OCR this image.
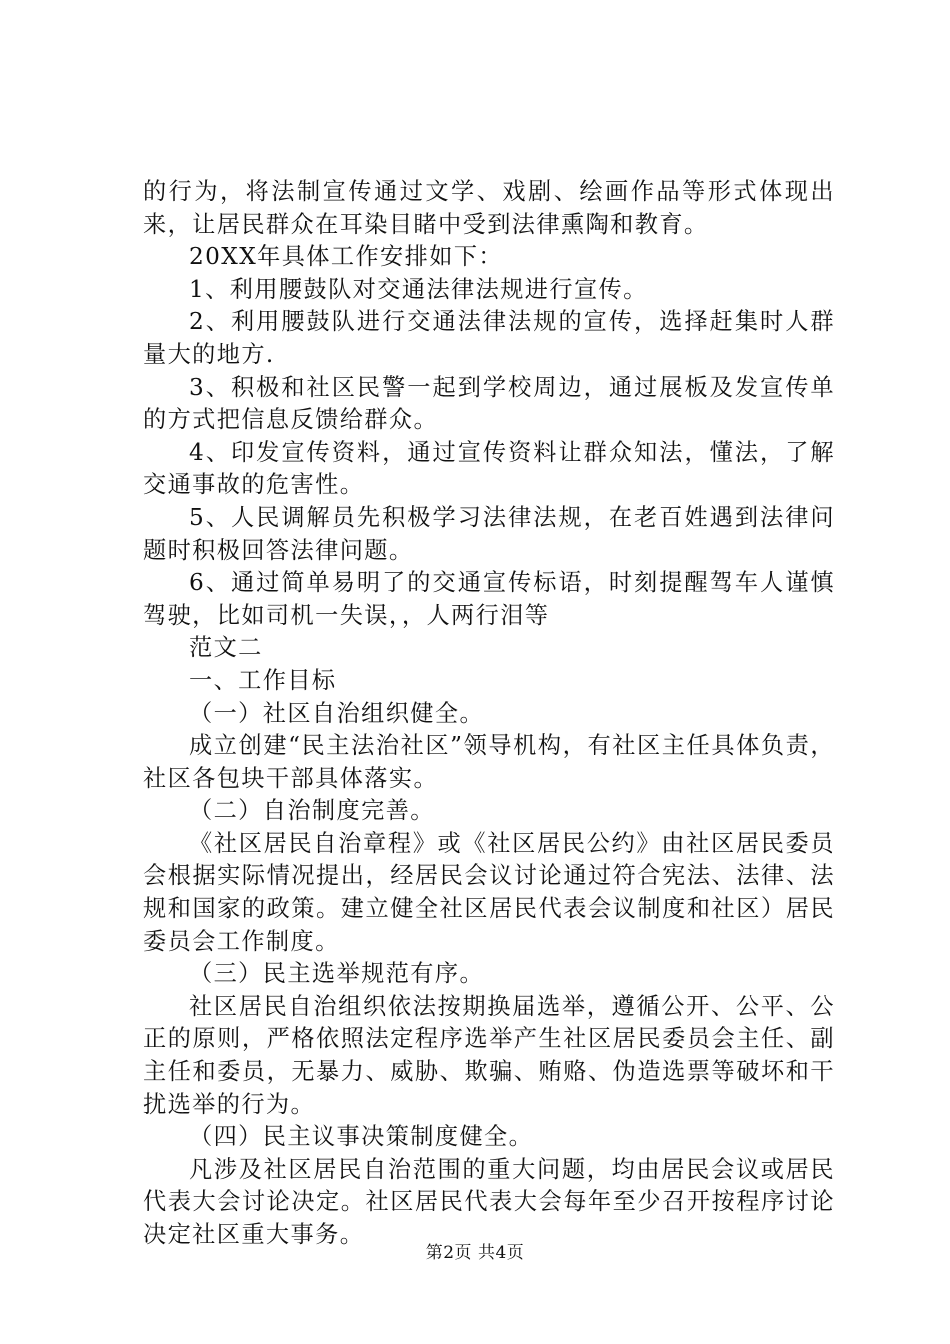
的行为，将法制宣传通过文学、戏剧、绘画作品等形式体现出来，让居民群众在耳染目睹中受到法律熏陶和教育。

20XX年具体工作安排如下：

1、利用腰鼓队对交通法律法规进行宣传。

2、利用腰鼓队进行交通法律法规的宣传，选择赶集时人群量大的地方.

3、积极和社区民警一起到学校周边，通过展板及发宣传单的方式把信息反馈给群众。

4、印发宣传资料，通过宣传资料让群众知法，懂法，了解交通事故的危害性。

5、人民调解员先积极学习法律法规，在老百姓遇到法律问题时积极回答法律问题。

6、通过简单易明了的交通宣传标语，时刻提醒驾车人谨慎驾驶，比如司机一失误，，人两行泪等

范文二

一、工作目标

（一）社区自治组织健全。

成立创建“民主法治社区”领导机构，有社区主任具体负责，社区各包块干部具体落实。

（二）自治制度完善。

《社区居民自治章程》或《社区居民公约》由社区居民委员会根据实际情况提出，经居民会议讨论通过符合宪法、法律、法规和国家的政策。建立健全社区居民代表会议制度和社区）居民委员会工作制度。

（三）民主选举规范有序。

社区居民自治组织依法按期换届选举，遵循公开、公平、公正的原则，严格依照法定程序选举产生社区居民委员会主任、副主任和委员，无暴力、威胁、欺骗、贿赂、伪造选票等破坏和干扰选举的行为。

（四）民主议事决策制度健全。

凡涉及社区居民自治范围的重大问题，均由居民会议或居民代表大会讨论决定。社区居民代表大会每年至少召开按程序讨论决定社区重大事务。

第2页 共4页
